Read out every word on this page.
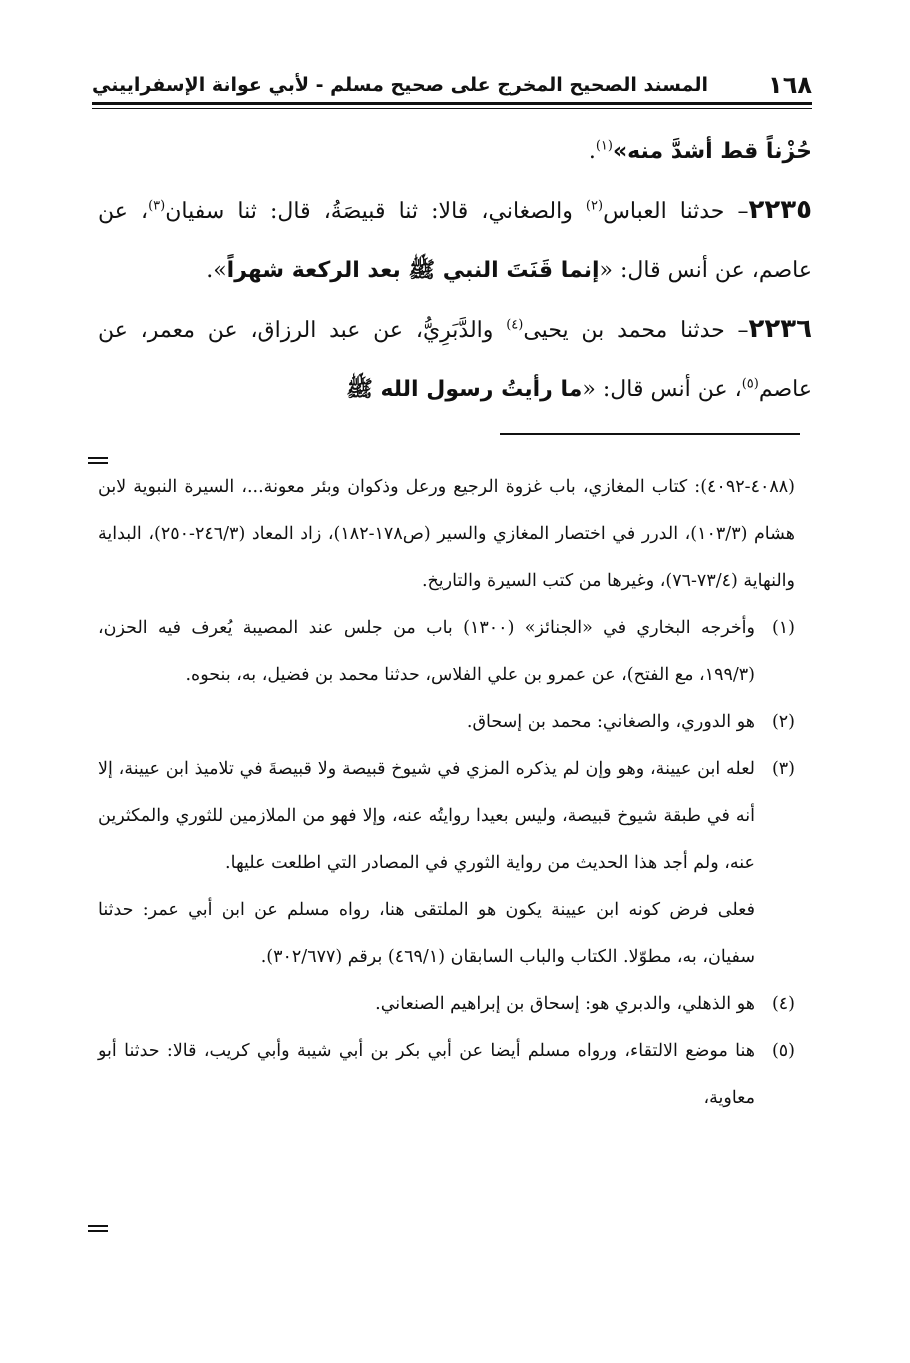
١٦٨
المسند الصحيح المخرج على صحيح مسلم - لأبي عوانة الإسفراييني

حُزْناً قط أشدَّ منه»$^{(١)}$.

٢٢٣٥– حدثنا العباس$^{(٢)}$ والصغاني، قالا: ثنا قبيصَةُ، قال: ثنا سفيان$^{(٣)}$، عن عاصم، عن أنس قال: «إنما قَنَتَ النبي ﷺ بعد الركعة شهراً».

٢٢٣٦– حدثنا محمد بن يحيى$^{(٤)}$ والدَّبَرِيُّ، عن عبد الرزاق، عن معمر، عن عاصم$^{(٥)}$، عن أنس قال: «ما رأيتُ رسول الله ﷺ

(٤٠٨٨-٤٠٩٢): كتاب المغازي، باب غزوة الرجيع ورعل وذكوان وبئر معونة...، السيرة النبوية لابن هشام (١٠٣/٣)، الدرر في اختصار المغازي والسير (ص١٧٨-١٨٢)، زاد المعاد (٢٤٦/٣-٢٥٠)، البداية والنهاية (٧٣/٤-٧٦)، وغيرها من كتب السيرة والتاريخ.
(١)
وأخرجه البخاري في «الجنائز» (١٣٠٠) باب من جلس عند المصيبة يُعرف فيه الحزن، (١٩٩/٣، مع الفتح)، عن عمرو بن علي الفلاس، حدثنا محمد بن فضيل، به، بنحوه.
(٢)
هو الدوري، والصغاني: محمد بن إسحاق.
(٣)
لعله ابن عيينة، وهو وإن لم يذكره المزي في شيوخ قبيصة ولا قبيصةَ في تلاميذ ابن عيينة، إلا أنه في طبقة شيوخ قبيصة، وليس بعيدا روايتُه عنه، وإلا فهو من الملازمين للثوري والمكثرين عنه، ولم أجد هذا الحديث من رواية الثوري في المصادر التي اطلعت عليها.
فعلى فرض كونه ابن عيينة يكون هو الملتقى هنا، رواه مسلم عن ابن أبي عمر: حدثنا سفيان، به، مطوّلا. الكتاب والباب السابقان (٤٦٩/١) برقم (٣٠٢/٦٧٧).
(٤)
هو الذهلي، والدبري هو: إسحاق بن إبراهيم الصنعاني.
(٥)
هنا موضع الالتقاء، ورواه مسلم أيضا عن أبي بكر بن أبي شيبة وأبي كريب، قالا: حدثنا أبو معاوية،
